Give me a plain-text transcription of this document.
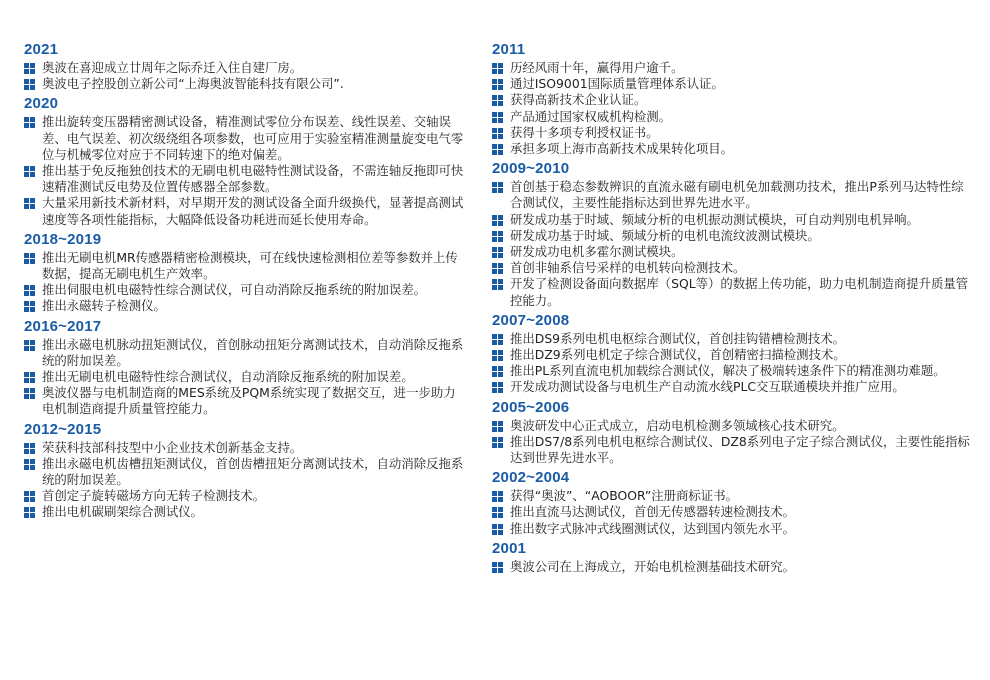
2021
奥波在喜迎成立廿周年之际乔迁入住自建厂房。
奥波电子控股创立新公司“上海奥波智能科技有限公司”.
2020
推出旋转变压器精密测试设备，精准测试零位分布误差、线性误差、交轴误差、电气误差、初次级绕组各项参数，也可应用于实验室精准测量旋变电气零位与机械零位对应于不同转速下的绝对偏差。
推出基于免反拖独创技术的无刷电机电磁特性测试设备，不需连轴反拖即可快速精准测试反电势及位置传感器全部参数。
大量采用新技术新材料，对早期开发的测试设备全面升级换代，显著提高测试速度等各项性能指标，大幅降低设备功耗进而延长使用寿命。
2018~2019
推出无刷电机MR传感器精密检测模块，可在线快速检测相位差等参数并上传数据，提高无刷电机生产效率。
推出伺服电机电磁特性综合测试仪，可自动消除反拖系统的附加误差。
推出永磁转子检测仪。
2016~2017
推出永磁电机脉动扭矩测试仪，首创脉动扭矩分离测试技术，自动消除反拖系统的附加误差。
推出无刷电机电磁特性综合测试仪，自动消除反拖系统的附加误差。
奥波仪器与电机制造商的MES系统及PQM系统实现了数据交互，进一步助力电机制造商提升质量管控能力。
2012~2015
荣获科技部科技型中小企业技术创新基金支持。
推出永磁电机齿槽扭矩测试仪，首创齿槽扭矩分离测试技术，自动消除反拖系统的附加误差。
首创定子旋转磁场方向无转子检测技术。
推出电机碳刷架综合测试仪。
2011
历经风雨十年，赢得用户逾千。
通过ISO9001国际质量管理体系认证。
获得高新技术企业认证。
产品通过国家权威机构检测。
获得十多项专利授权证书。
承担多项上海市高新技术成果转化项目。
2009~2010
首创基于稳态参数辨识的直流永磁有刷电机免加载测功技术，推出P系列马达特性综合测试仪，主要性能指标达到世界先进水平。
研发成功基于时域、频域分析的电机振动测试模块，可自动判别电机异响。
研发成功基于时域、频域分析的电机电流纹波测试模块。
研发成功电机多霍尔测试模块。
首创非轴系信号采样的电机转向检测技术。
开发了检测设备面向数据库（SQL等）的数据上传功能，助力电机制造商提升质量管控能力。
2007~2008
推出DS9系列电机电枢综合测试仪，首创挂钩错槽检测技术。
推出DZ9系列电机定子综合测试仪，首创精密扫描检测技术。
推出PL系列直流电机加载综合测试仪，解决了极端转速条件下的精准测功难题。
开发成功测试设备与电机生产自动流水线PLC交互联通模块并推广应用。
2005~2006
奥波研发中心正式成立，启动电机检测多领域核心技术研究。
推出DS7/8系列电机电枢综合测试仪、DZ8系列电子定子综合测试仪，主要性能指标达到世界先进水平。
2002~2004
获得“奥波”、“AOBOOR”注册商标证书。
推出直流马达测试仪，首创无传感器转速检测技术。
推出数字式脉冲式线圈测试仪，达到国内领先水平。
2001
奥波公司在上海成立，开始电机检测基础技术研究。
